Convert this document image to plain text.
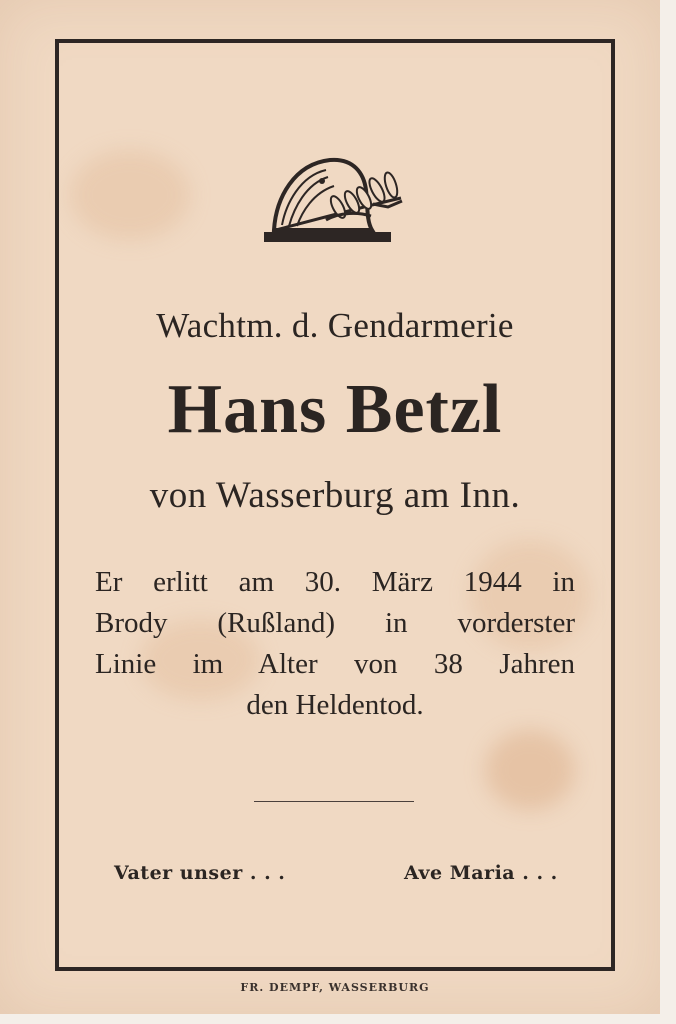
Wachtm. d. Gendarmerie
Hans Betzl
von Wasserburg am Inn.
Er erlitt am 30. März 1944 in
Brody (Rußland) in vorderster
Linie im Alter von 38 Jahren
den Heldentod.
Vater unser . . .	Ave Maria . . .
FR. DEMPF, WASSERBURG
